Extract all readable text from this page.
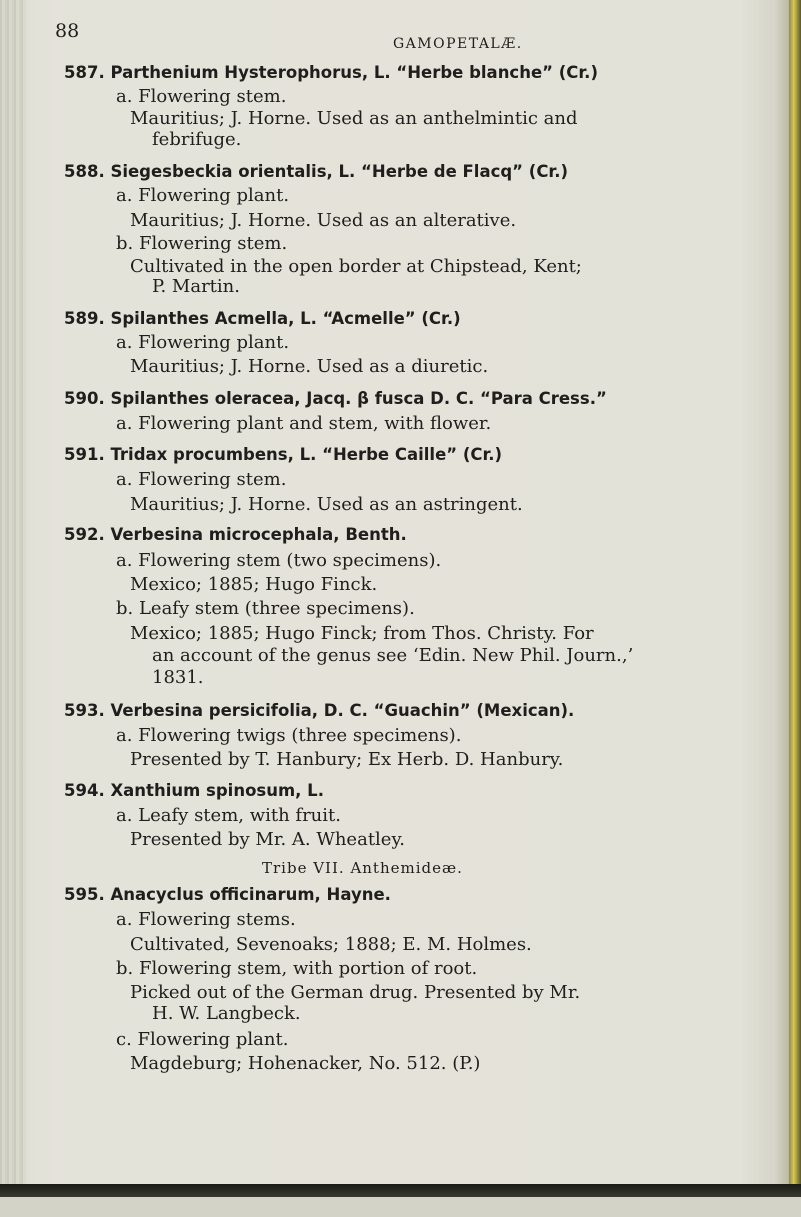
88
GAMOPETALÆ.
587. Parthenium Hysterophorus, L. “Herbe blanche” (Cr.)
a. Flowering stem.
Mauritius; J. Horne. Used as an anthelmintic and
febrifuge.
588. Siegesbeckia orientalis, L. “Herbe de Flacq” (Cr.)
a. Flowering plant.
Mauritius; J. Horne. Used as an alterative.
b. Flowering stem.
Cultivated in the open border at Chipstead, Kent;
P. Martin.
589. Spilanthes Acmella, L. “Acmelle” (Cr.)
a. Flowering plant.
Mauritius; J. Horne. Used as a diuretic.
590. Spilanthes oleracea, Jacq. β fusca D. C. “Para Cress.”
a. Flowering plant and stem, with flower.
591. Tridax procumbens, L. “Herbe Caille” (Cr.)
a. Flowering stem.
Mauritius; J. Horne. Used as an astringent.
592. Verbesina microcephala, Benth.
a. Flowering stem (two specimens).
Mexico; 1885; Hugo Finck.
b. Leafy stem (three specimens).
Mexico; 1885; Hugo Finck; from Thos. Christy. For
an account of the genus see ‘Edin. New Phil. Journ.,’
1831.
593. Verbesina persicifolia, D. C. “Guachin” (Mexican).
a. Flowering twigs (three specimens).
Presented by T. Hanbury; Ex Herb. D. Hanbury.
594. Xanthium spinosum, L.
a. Leafy stem, with fruit.
Presented by Mr. A. Wheatley.
Tribe VII. Anthemideæ.
595. Anacyclus officinarum, Hayne.
a. Flowering stems.
Cultivated, Sevenoaks; 1888; E. M. Holmes.
b. Flowering stem, with portion of root.
Picked out of the German drug. Presented by Mr.
H. W. Langbeck.
c. Flowering plant.
Magdeburg; Hohenacker, No. 512. (P.)
